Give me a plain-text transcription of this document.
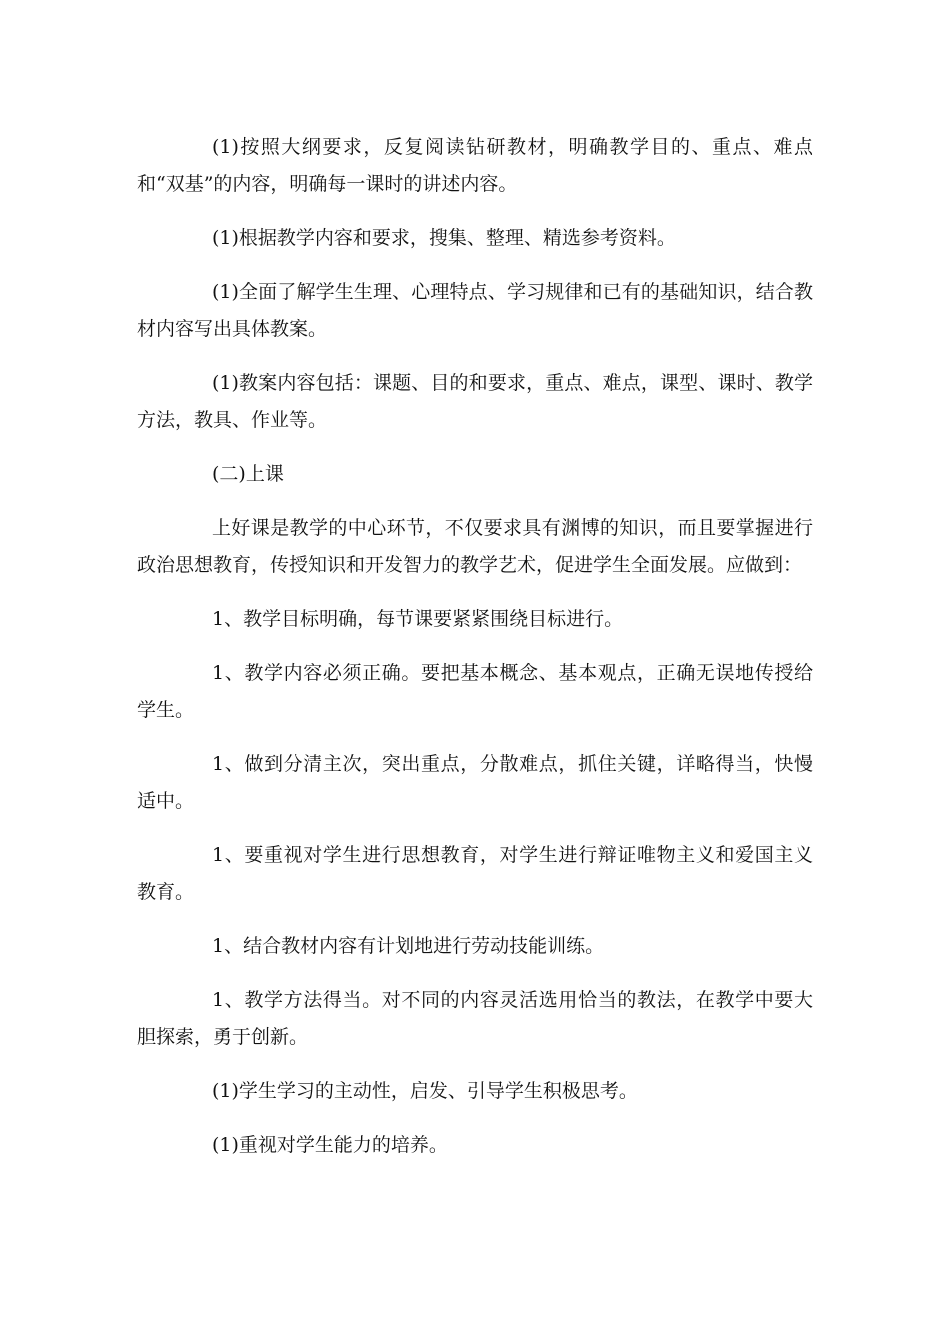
(1)按照大纲要求，反复阅读钻研教材，明确教学目的、重点、难点和“双基”的内容，明确每一课时的讲述内容。

(1)根据教学内容和要求，搜集、整理、精选参考资料。

(1)全面了解学生生理、心理特点、学习规律和已有的基础知识，结合教材内容写出具体教案。

(1)教案内容包括：课题、目的和要求，重点、难点，课型、课时、教学方法，教具、作业等。

(二)上课

上好课是教学的中心环节，不仅要求具有渊博的知识，而且要掌握进行政治思想教育，传授知识和开发智力的教学艺术，促进学生全面发展。应做到：

1、教学目标明确，每节课要紧紧围绕目标进行。

1、教学内容必须正确。要把基本概念、基本观点，正确无误地传授给学生。

1、做到分清主次，突出重点，分散难点，抓住关键，详略得当，快慢适中。

1、要重视对学生进行思想教育，对学生进行辩证唯物主义和爱国主义教育。

1、结合教材内容有计划地进行劳动技能训练。

1、教学方法得当。对不同的内容灵活选用恰当的教法，在教学中要大胆探索，勇于创新。

(1)学生学习的主动性，启发、引导学生积极思考。

(1)重视对学生能力的培养。
